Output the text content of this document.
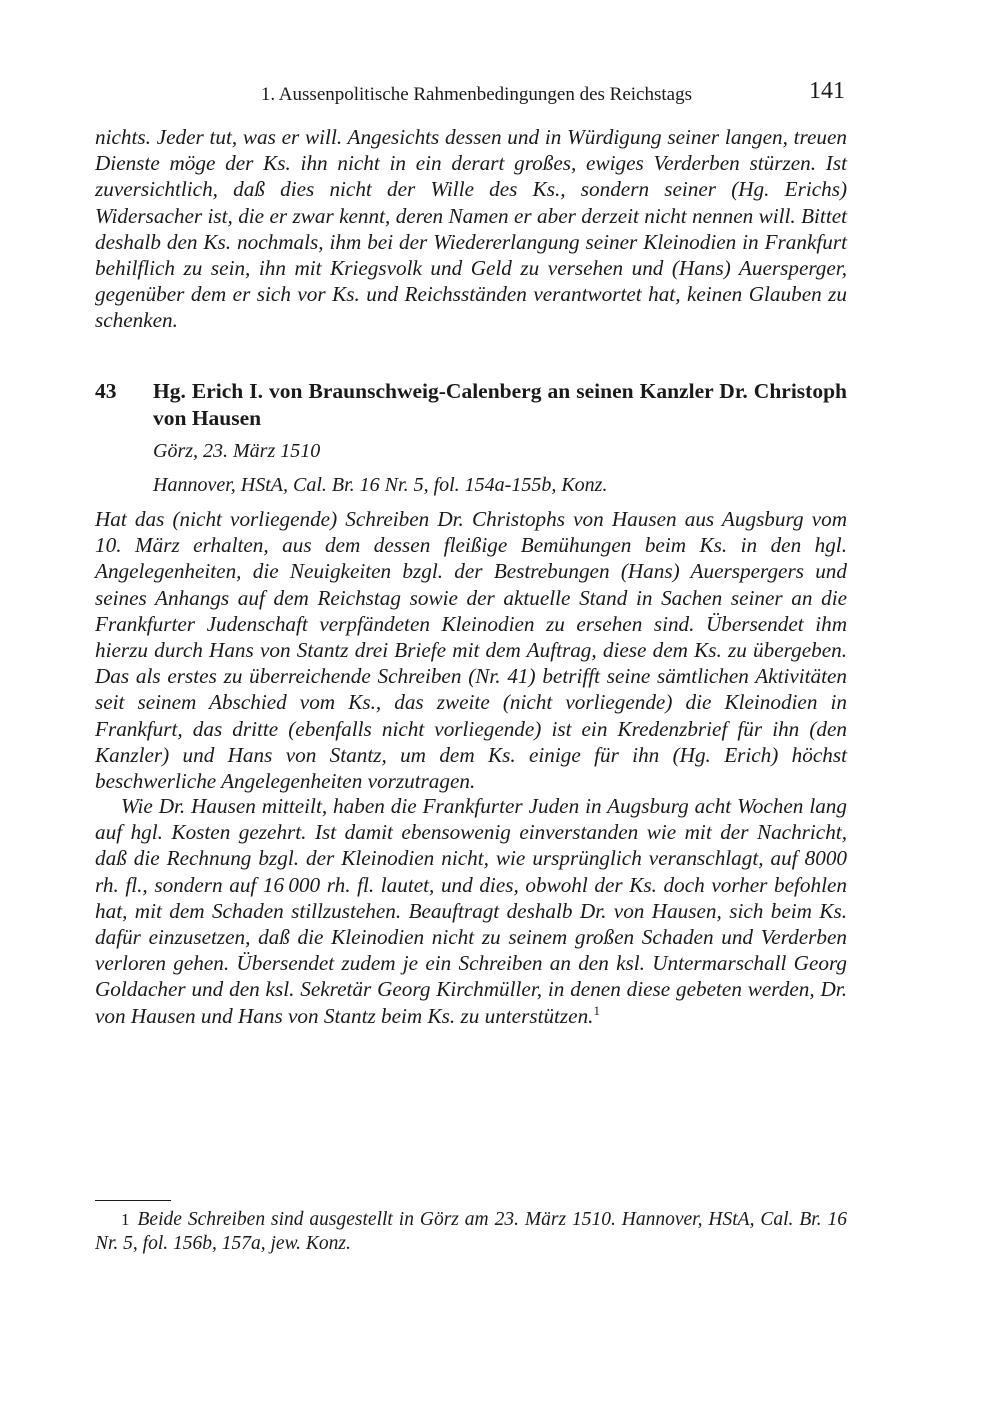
1. Aussenpolitische Rahmenbedingungen des Reichstags	141

nichts. Jeder tut, was er will. Angesichts dessen und in Würdigung seiner langen, treuen Dienste möge der Ks. ihn nicht in ein derart großes, ewiges Verderben stürzen. Ist zuversichtlich, daß dies nicht der Wille des Ks., sondern seiner (Hg. Erichs) Widersacher ist, die er zwar kennt, deren Namen er aber derzeit nicht nennen will. Bittet deshalb den Ks. nochmals, ihm bei der Wiedererlangung seiner Kleinodien in Frankfurt behilflich zu sein, ihn mit Kriegsvolk und Geld zu versehen und (Hans) Auersperger, gegenüber dem er sich vor Ks. und Reichsständen verantwortet hat, keinen Glauben zu schenken.

43 Hg. Erich I. von Braunschweig-Calenberg an seinen Kanzler Dr. Christoph von Hausen
Görz, 23. März 1510
Hannover, HStA, Cal. Br. 16 Nr. 5, fol. 154a-155b, Konz.

Hat das (nicht vorliegende) Schreiben Dr. Christophs von Hausen aus Augsburg vom 10. März erhalten, aus dem dessen fleißige Bemühungen beim Ks. in den hgl. Angelegenheiten, die Neuigkeiten bzgl. der Bestrebungen (Hans) Auerspergers und seines Anhangs auf dem Reichstag sowie der aktuelle Stand in Sachen seiner an die Frankfurter Judenschaft verpfändeten Kleinodien zu ersehen sind. Übersendet ihm hierzu durch Hans von Stantz drei Briefe mit dem Auftrag, diese dem Ks. zu übergeben. Das als erstes zu überreichende Schreiben (Nr. 41) betrifft seine sämtlichen Aktivitäten seit seinem Abschied vom Ks., das zweite (nicht vorliegende) die Kleinodien in Frankfurt, das dritte (ebenfalls nicht vorliegende) ist ein Kredenzbrief für ihn (den Kanzler) und Hans von Stantz, um dem Ks. einige für ihn (Hg. Erich) höchst beschwerliche Angelegenheiten vorzutragen.

Wie Dr. Hausen mitteilt, haben die Frankfurter Juden in Augsburg acht Wochen lang auf hgl. Kosten gezehrt. Ist damit ebensowenig einverstanden wie mit der Nachricht, daß die Rechnung bzgl. der Kleinodien nicht, wie ursprünglich veranschlagt, auf 8000 rh. fl., sondern auf 16 000 rh. fl. lautet, und dies, obwohl der Ks. doch vorher befohlen hat, mit dem Schaden stillzustehen. Beauftragt deshalb Dr. von Hausen, sich beim Ks. dafür einzusetzen, daß die Kleinodien nicht zu seinem großen Schaden und Verderben verloren gehen. Übersendet zudem je ein Schreiben an den ksl. Untermarschall Georg Goldacher und den ksl. Sekretär Georg Kirchmüller, in denen diese gebeten werden, Dr. von Hausen und Hans von Stantz beim Ks. zu unterstützen.$^1$

1 Beide Schreiben sind ausgestellt in Görz am 23. März 1510. Hannover, HStA, Cal. Br. 16 Nr. 5, fol. 156b, 157a, jew. Konz.
